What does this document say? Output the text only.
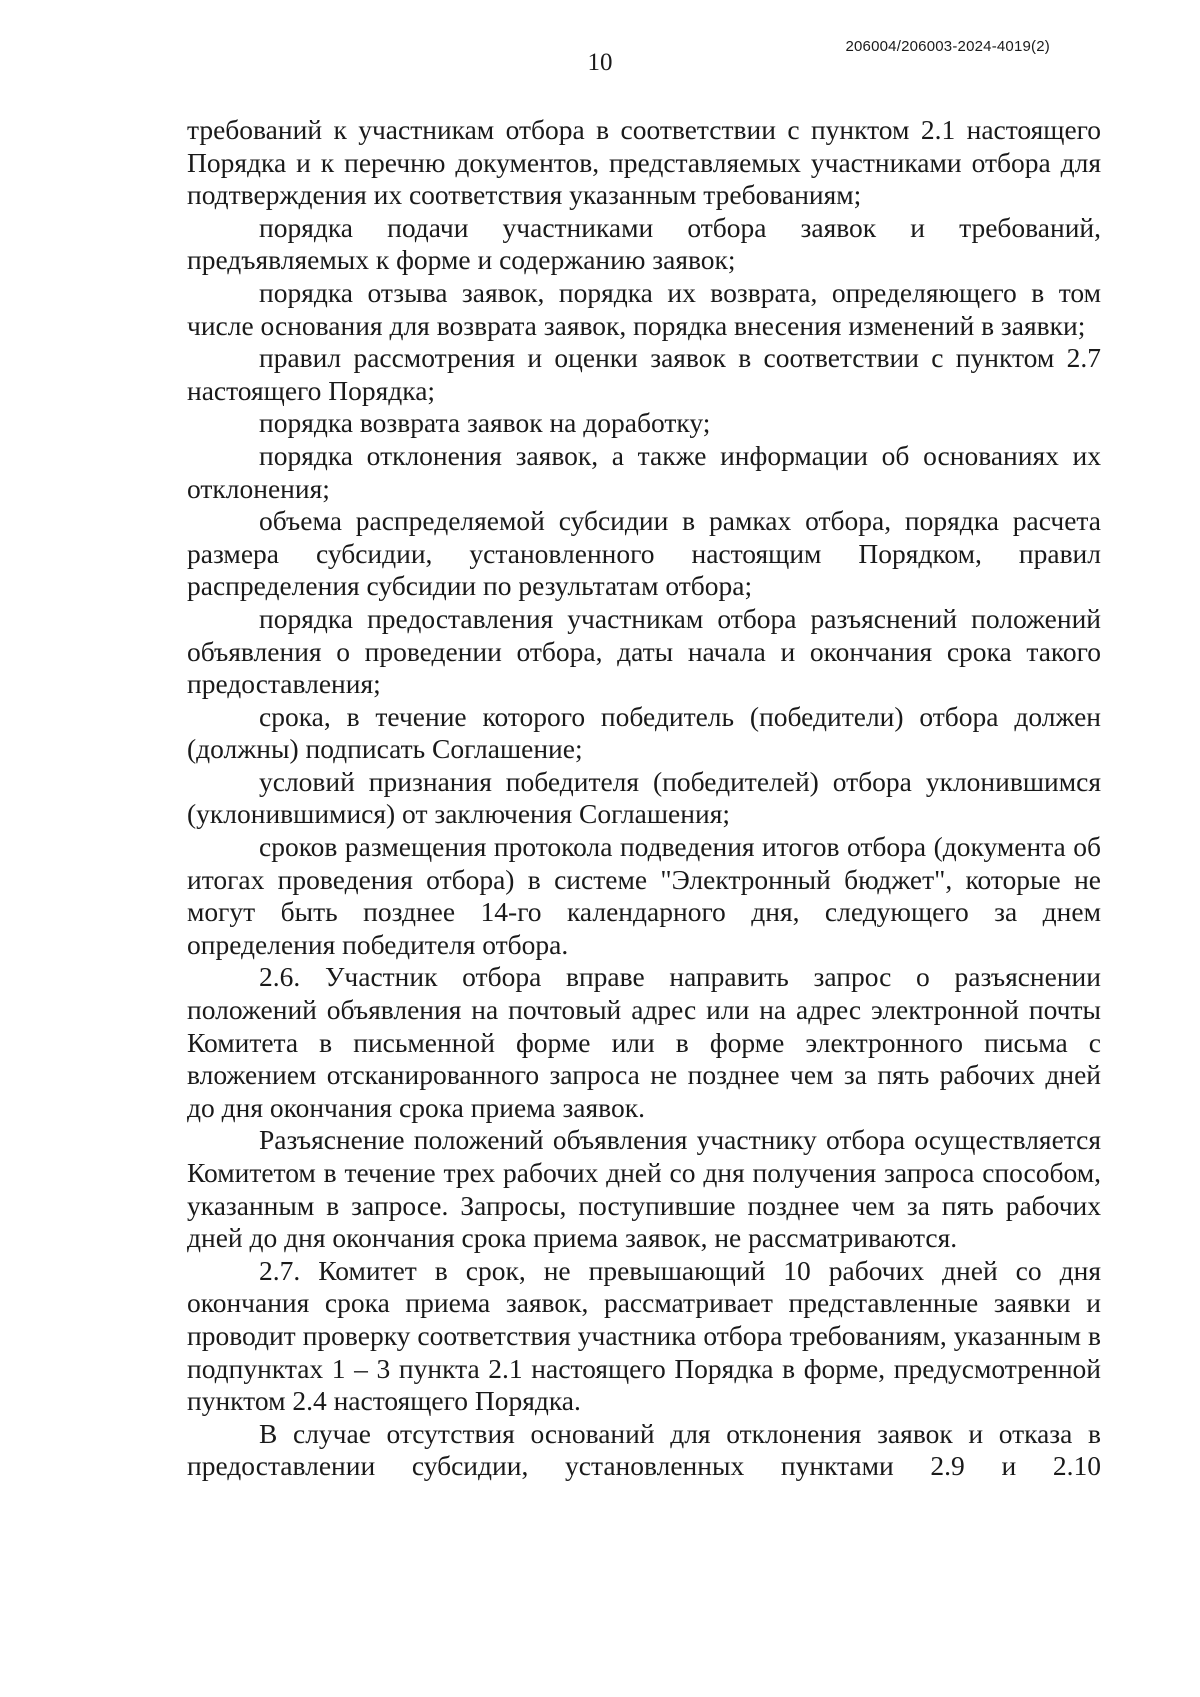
10
206004/206003-2024-4019(2)

требований к участникам отбора в соответствии с пунктом 2.1 настоящего Порядка и к перечню документов, представляемых участниками отбора для подтверждения их соответствия указанным требованиям;

порядка подачи участниками отбора заявок и требований, предъявляемых к форме и содержанию заявок;

порядка отзыва заявок, порядка их возврата, определяющего в том числе основания для возврата заявок, порядка внесения изменений в заявки;

правил рассмотрения и оценки заявок в соответствии с пунктом 2.7 настоящего Порядка;

порядка возврата заявок на доработку;

порядка отклонения заявок, а также информации об основаниях их отклонения;

объема распределяемой субсидии в рамках отбора, порядка расчета размера субсидии, установленного настоящим Порядком, правил распределения субсидии по результатам отбора;

порядка предоставления участникам отбора разъяснений положений объявления о проведении отбора, даты начала и окончания срока такого предоставления;

срока, в течение которого победитель (победители) отбора должен (должны) подписать Соглашение;

условий признания победителя (победителей) отбора уклонившимся (уклонившимися) от заключения Соглашения;

сроков размещения протокола подведения итогов отбора (документа об итогах проведения отбора) в системе "Электронный бюджет", которые не могут быть позднее 14-го календарного дня, следующего за днем определения победителя отбора.

2.6. Участник отбора вправе направить запрос о разъяснении положений объявления на почтовый адрес или на адрес электронной почты Комитета в письменной форме или в форме электронного письма с вложением отсканированного запроса не позднее чем за пять рабочих дней до дня окончания срока приема заявок.

Разъяснение положений объявления участнику отбора осуществляется Комитетом в течение трех рабочих дней со дня получения запроса способом, указанным в запросе. Запросы, поступившие позднее чем за пять рабочих дней до дня окончания срока приема заявок, не рассматриваются.

2.7. Комитет в срок, не превышающий 10 рабочих дней со дня окончания срока приема заявок, рассматривает представленные заявки и проводит проверку соответствия участника отбора требованиям, указанным в подпунктах 1 – 3 пункта 2.1 настоящего Порядка в форме, предусмотренной пунктом 2.4 настоящего Порядка.

В случае отсутствия оснований для отклонения заявок и отказа в предоставлении субсидии, установленных пунктами 2.9 и 2.10
